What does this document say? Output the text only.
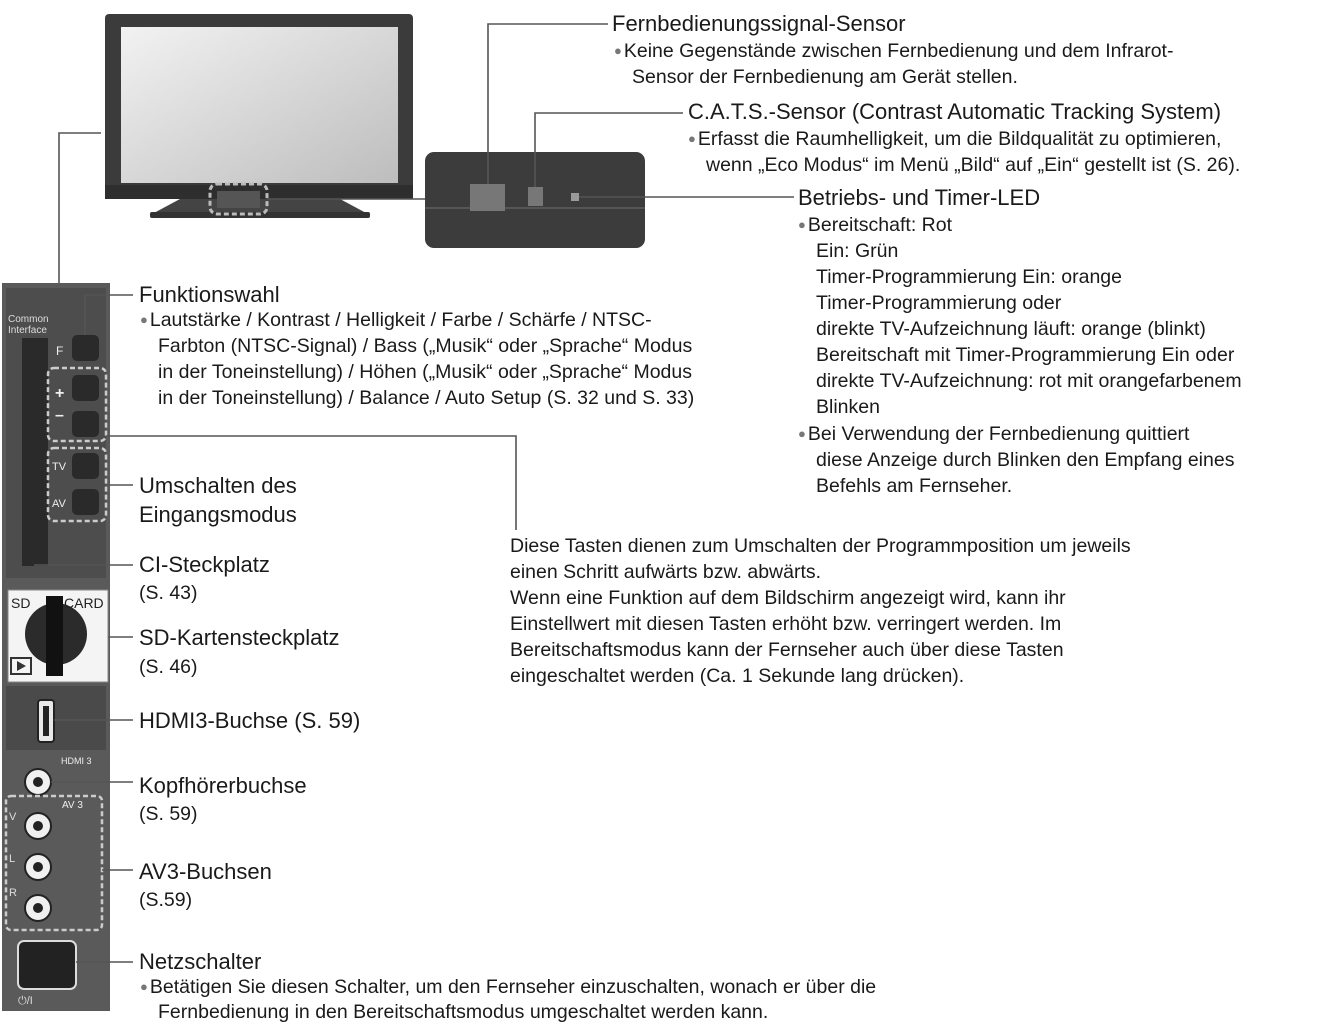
Common
Interface
F
+
–
TV
AV
SD CARD
HDMI 3
AV 3
V
L
R
⏻/I
Fernbedienungssignal-Sensor
● Keine Gegenstände zwischen Fernbedienung und dem Infrarot-
Sensor der Fernbedienung am Gerät stellen.
C.A.T.S.-Sensor (Contrast Automatic Tracking System)
● Erfasst die Raumhelligkeit, um die Bildqualität zu optimieren,
wenn „Eco Modus“ im Menü „Bild“ auf „Ein“ gestellt ist (S. 26).
Betriebs- und Timer-LED
● Bereitschaft: Rot
Ein: Grün
Timer-Programmierung Ein: orange
Timer-Programmierung oder
direkte TV-Aufzeichnung läuft: orange (blinkt)
Bereitschaft mit Timer-Programmierung Ein oder
direkte TV-Aufzeichnung: rot mit orangefarbenem
Blinken
● Bei Verwendung der Fernbedienung quittiert
diese Anzeige durch Blinken den Empfang eines
Befehls am Fernseher.
Funktionswahl
● Lautstärke / Kontrast / Helligkeit / Farbe / Schärfe / NTSC-
Farbton (NTSC-Signal) / Bass („Musik“ oder „Sprache“ Modus
in der Toneinstellung) / Höhen („Musik“ oder „Sprache“ Modus
in der Toneinstellung) / Balance / Auto Setup (S. 32 und S. 33)
Umschalten des
Eingangsmodus
Diese Tasten dienen zum Umschalten der Programmposition um jeweils
einen Schritt aufwärts bzw. abwärts.
Wenn eine Funktion auf dem Bildschirm angezeigt wird, kann ihr
Einstellwert mit diesen Tasten erhöht bzw. verringert werden. Im
Bereitschaftsmodus kann der Fernseher auch über diese Tasten
eingeschaltet werden (Ca. 1 Sekunde lang drücken).
CI-Steckplatz
(S. 43)
SD-Kartensteckplatz
(S. 46)
HDMI3-Buchse (S. 59)
Kopfhörerbuchse
(S. 59)
AV3-Buchsen
(S.59)
Netzschalter
● Betätigen Sie diesen Schalter, um den Fernseher einzuschalten, wonach er über die
Fernbedienung in den Bereitschaftsmodus umgeschaltet werden kann.
